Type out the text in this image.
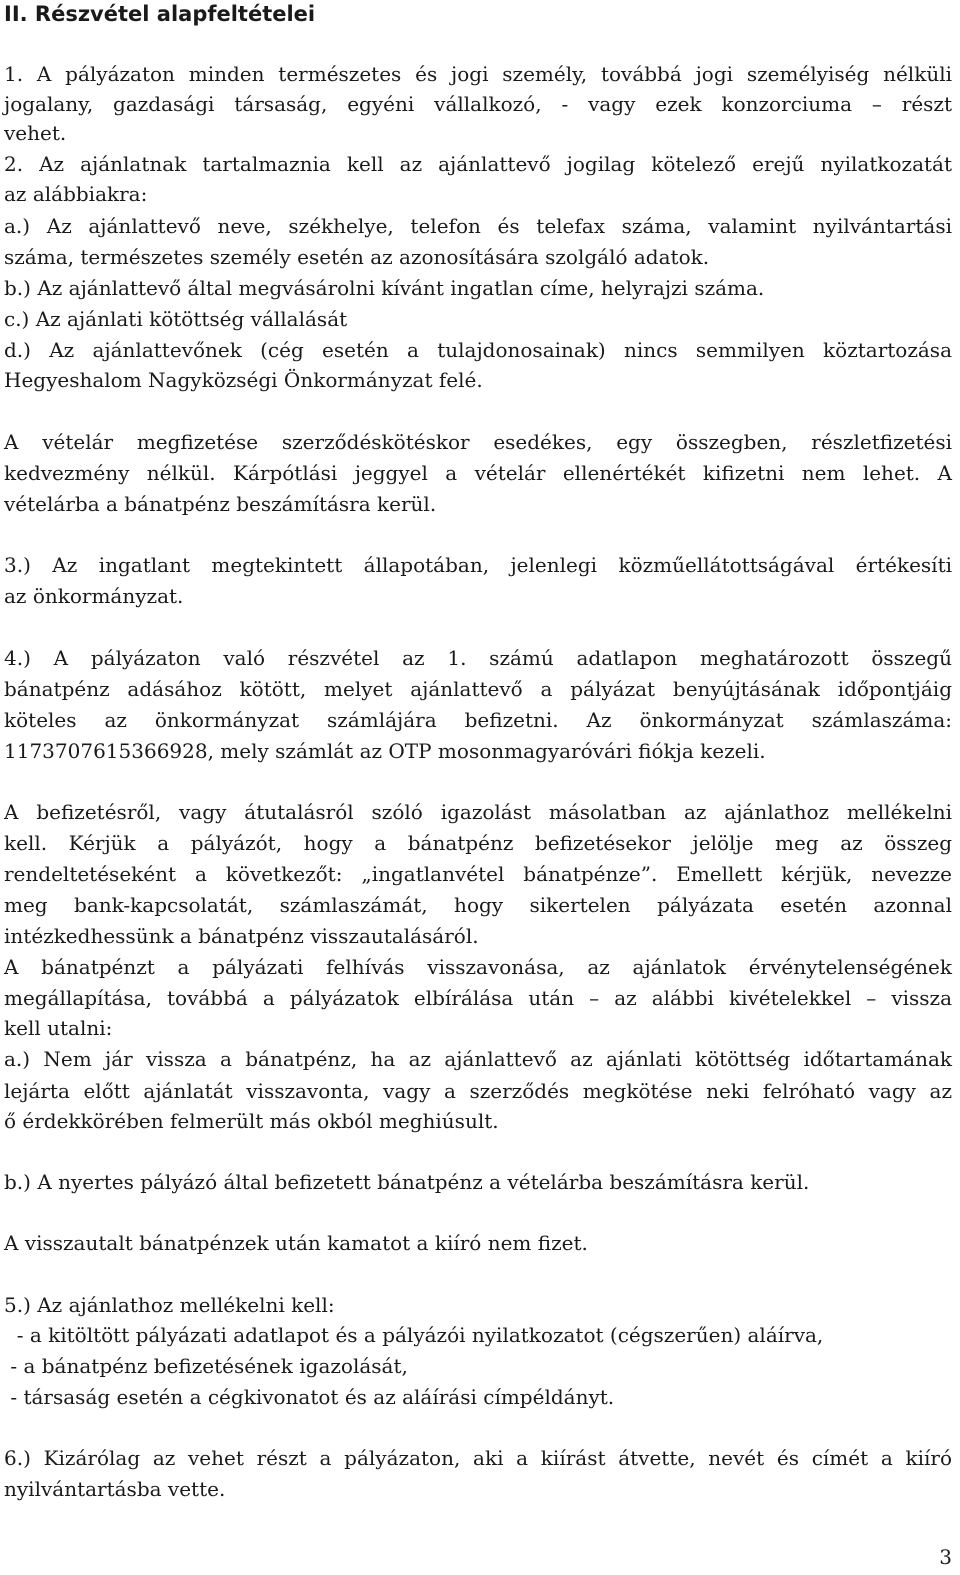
II. Részvétel alapfeltételei
1. A pályázaton minden természetes és jogi személy, továbbá jogi személyiség nélküli
jogalany, gazdasági társaság, egyéni vállalkozó, - vagy ezek konzorciuma – részt
vehet.
2. Az ajánlatnak tartalmaznia kell az ajánlattevő jogilag kötelező erejű nyilatkozatát
az alábbiakra:
a.) Az ajánlattevő neve, székhelye, telefon és telefax száma, valamint nyilvántartási
száma, természetes személy esetén az azonosítására szolgáló adatok.
b.) Az ajánlattevő által megvásárolni kívánt ingatlan címe, helyrajzi száma.
c.) Az ajánlati kötöttség vállalását
d.) Az ajánlattevőnek (cég esetén a tulajdonosainak) nincs semmilyen köztartozása
Hegyeshalom Nagyközségi Önkormányzat felé.
A vételár megfizetése szerződéskötéskor esedékes, egy összegben, részletfizetési
kedvezmény nélkül. Kárpótlási jeggyel a vételár ellenértékét kifizetni nem lehet. A
vételárba a bánatpénz beszámításra kerül.
3.) Az ingatlant megtekintett állapotában, jelenlegi közműellátottságával értékesíti
az önkormányzat.
4.) A pályázaton való részvétel az 1. számú adatlapon meghatározott összegű
bánatpénz adásához kötött, melyet ajánlattevő a pályázat benyújtásának időpontjáig
köteles az önkormányzat számlájára befizetni. Az önkormányzat számlaszáma:
1173707615366928, mely számlát az OTP mosonmagyaróvári fiókja kezeli.
A befizetésről, vagy átutalásról szóló igazolást másolatban az ajánlathoz mellékelni
kell. Kérjük a pályázót, hogy a bánatpénz befizetésekor jelölje meg az összeg
rendeltetéseként a következőt: „ingatlanvétel bánatpénze”. Emellett kérjük, nevezze
meg bank-kapcsolatát, számlaszámát, hogy sikertelen pályázata esetén azonnal
intézkedhessünk a bánatpénz visszautalásáról.
A bánatpénzt a pályázati felhívás visszavonása, az ajánlatok érvénytelenségének
megállapítása, továbbá a pályázatok elbírálása után – az alábbi kivételekkel – vissza
kell utalni:
a.) Nem jár vissza a bánatpénz, ha az ajánlattevő az ajánlati kötöttség időtartamának
lejárta előtt ajánlatát visszavonta, vagy a szerződés megkötése neki felróható vagy az
ő érdekkörében felmerült más okból meghiúsult.
b.) A nyertes pályázó által befizetett bánatpénz a vételárba beszámításra kerül.
A visszautalt bánatpénzek után kamatot a kiíró nem fizet.
5.) Az ajánlathoz mellékelni kell:
- a kitöltött pályázati adatlapot és a pályázói nyilatkozatot (cégszerűen) aláírva,
- a bánatpénz befizetésének igazolását,
- társaság esetén a cégkivonatot és az aláírási címpéldányt.
6.) Kizárólag az vehet részt a pályázaton, aki a kiírást átvette, nevét és címét a kiíró
nyilvántartásba vette.
3
